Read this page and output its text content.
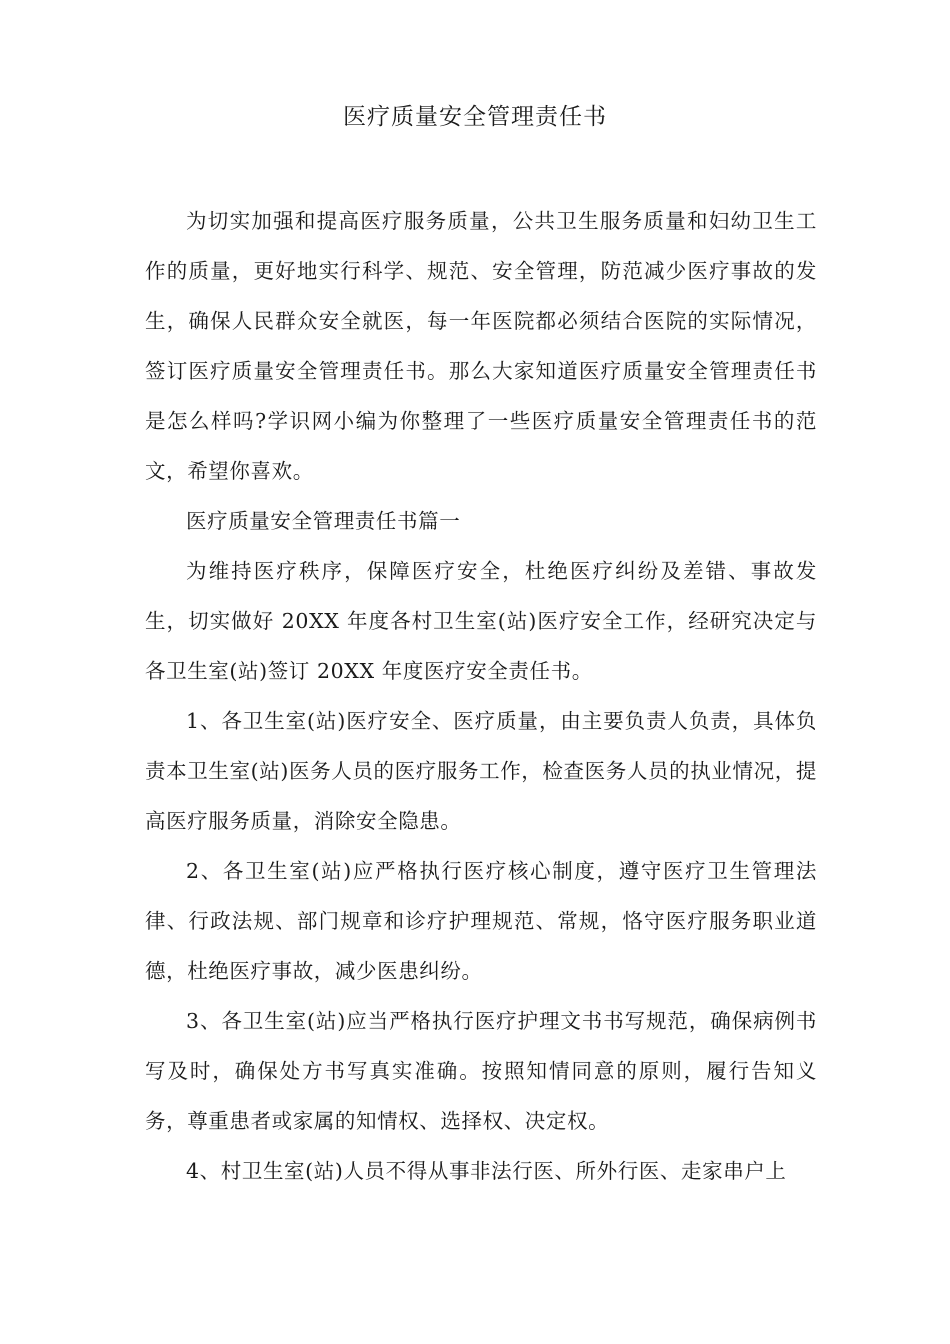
医疗质量安全管理责任书

为切实加强和提高医疗服务质量，公共卫生服务质量和妇幼卫生工作的质量，更好地实行科学、规范、安全管理，防范减少医疗事故的发生，确保人民群众安全就医，每一年医院都必须结合医院的实际情况，签订医疗质量安全管理责任书。那么大家知道医疗质量安全管理责任书是怎么样吗?学识网小编为你整理了一些医疗质量安全管理责任书的范文，希望你喜欢。

医疗质量安全管理责任书篇一

为维持医疗秩序，保障医疗安全，杜绝医疗纠纷及差错、事故发生，切实做好 20XX 年度各村卫生室(站)医疗安全工作，经研究决定与各卫生室(站)签订 20XX 年度医疗安全责任书。

1、各卫生室(站)医疗安全、医疗质量，由主要负责人负责，具体负责本卫生室(站)医务人员的医疗服务工作，检查医务人员的执业情况，提高医疗服务质量，消除安全隐患。

2、各卫生室(站)应严格执行医疗核心制度，遵守医疗卫生管理法律、行政法规、部门规章和诊疗护理规范、常规，恪守医疗服务职业道德，杜绝医疗事故，减少医患纠纷。

3、各卫生室(站)应当严格执行医疗护理文书书写规范，确保病例书写及时，确保处方书写真实准确。按照知情同意的原则，履行告知义务，尊重患者或家属的知情权、选择权、决定权。

4、村卫生室(站)人员不得从事非法行医、所外行医、走家串户上
